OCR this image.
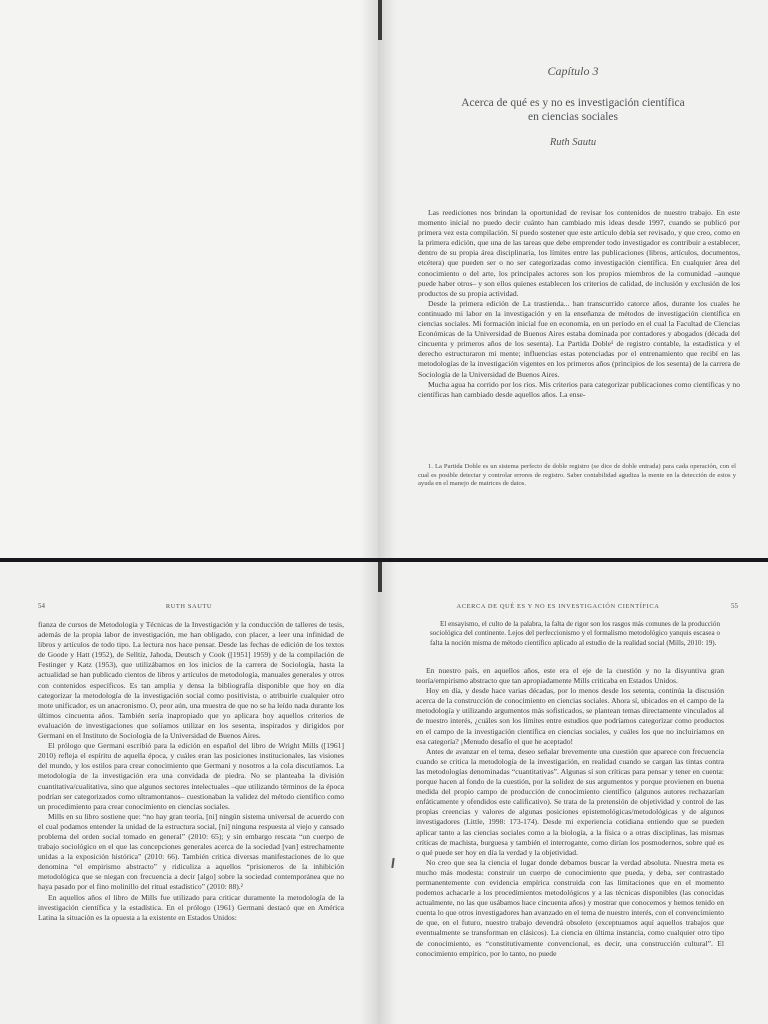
Capítulo 3
Acerca de qué es y no es investigación científica
en ciencias sociales
Ruth Sautu

Las reediciones nos brindan la oportunidad de revisar los contenidos de nuestro trabajo. En este momento inicial no puedo decir cuánto han cambiado mis ideas desde 1997, cuando se publicó por primera vez esta compilación. Sí puedo sostener que este artículo debía ser revisado, y que creo, como en la primera edición, que una de las tareas que debe emprender todo investigador es contribuir a establecer, dentro de su propia área disciplinaria, los límites entre las publicaciones (libros, artículos, documentos, etcétera) que pueden ser o no ser categorizadas como investigación científica. En cualquier área del conocimiento o del arte, los principales actores son los propios miembros de la comunidad –aunque puede haber otros– y son ellos quienes establecen los criterios de calidad, de inclusión y exclusión de los productos de su propia actividad.

Desde la primera edición de La trastienda... han transcurrido catorce años, durante los cuales he continuado mi labor en la investigación y en la enseñanza de métodos de investigación científica en ciencias sociales. Mi formación inicial fue en economía, en un período en el cual la Facultad de Ciencias Económicas de la Universidad de Buenos Aires estaba dominada por contadores y abogados (década del cincuenta y primeros años de los sesenta). La Partida Doble¹ de registro contable, la estadística y el derecho estructuraron mi mente; influencias estas potenciadas por el entrenamiento que recibí en las metodologías de la investigación vigentes en los primeros años (principios de los sesenta) de la carrera de Sociología de la Universidad de Buenos Aires.

Mucha agua ha corrido por los ríos. Mis criterios para categorizar publicaciones como científicas y no científicas han cambiado desde aquellos años. La ense-

1. La Partida Doble es un sistema perfecto de doble registro (se dice de doble entrada) para cada operación, con el cual es posible detectar y controlar errores de registro. Saber contabilidad agudiza la mente en la detección de estos y ayuda en el manejo de matrices de datos.

54	RUTH SAUTU

fianza de cursos de Metodología y Técnicas de la Investigación y la conducción de talleres de tesis, además de la propia labor de investigación, me han obligado, con placer, a leer una infinidad de libros y artículos de todo tipo. La lectura nos hace pensar. Desde las fechas de edición de los textos de Goode y Hatt (1952), de Selltiz, Jahoda, Deutsch y Cook ([1951] 1959) y de la compilación de Festinger y Katz (1953), que utilizábamos en los inicios de la carrera de Sociología, hasta la actualidad se han publicado cientos de libros y artículos de metodología, manuales generales y otros con contenidos específicos. Es tan amplia y densa la bibliografía disponible que hoy en día categorizar la metodología de la investigación social como positivista, o atribuirle cualquier otro mote unificador, es un anacronismo. O, peor aún, una muestra de que no se ha leído nada durante los últimos cincuenta años. También sería inapropiado que yo aplicara hoy aquellos criterios de evaluación de investigaciones que solíamos utilizar en los sesenta, inspirados y dirigidos por Germani en el Instituto de Sociología de la Universidad de Buenos Aires.

El prólogo que Germani escribió para la edición en español del libro de Wright Mills ([1961] 2010) refleja el espíritu de aquella época, y cuáles eran las posiciones institucionales, las visiones del mundo, y los estilos para crear conocimiento que Germani y nosotros a la cola discutíamos. La metodología de la investigación era una convidada de piedra. No se planteaba la división cuantitativa/cualitativa, sino que algunos sectores intelectuales –que utilizando términos de la época podrían ser categorizados como ultramontanos– cuestionaban la validez del método científico como un procedimiento para crear conocimiento en ciencias sociales.

Mills en su libro sostiene que: “no hay gran teoría, [ni] ningún sistema universal de acuerdo con el cual podamos entender la unidad de la estructura social, [ni] ninguna respuesta al viejo y cansado problema del orden social tomado en general” (2010: 65); y sin embargo rescata “un cuerpo de trabajo sociológico en el que las concepciones generales acerca de la sociedad [van] estrechamente unidas a la exposición histórica” (2010: 66). También critica diversas manifestaciones de lo que denomina “el empirismo abstracto” y ridiculiza a aquellos “prisioneros de la inhibición metodológica que se niegan con frecuencia a decir [algo] sobre la sociedad contemporánea que no haya pasado por el fino molinillo del ritual estadístico” (2010: 88).²

En aquellos años el libro de Mills fue utilizado para criticar duramente la metodología de la investigación científica y la estadística. En el prólogo (1961) Germani destacó que en América Latina la situación es la opuesta a la existente en Estados Unidos:

ACERCA DE QUÉ ES Y NO ES INVESTIGACIÓN CIENTÍFICA	55

El ensayismo, el culto de la palabra, la falta de rigor son los rasgos más comunes de la producción sociológica del continente. Lejos del perfeccionismo y el formalismo metodológico yanquis escasea o falta la noción misma de método científico aplicado al estudio de la realidad social (Mills, 2010: 19).

En nuestro país, en aquellos años, este era el eje de la cuestión y no la disyuntiva gran teoría/empirismo abstracto que tan apropiadamente Mills criticaba en Estados Unidos.

Hoy en día, y desde hace varias décadas, por lo menos desde los setenta, continúa la discusión acerca de la construcción de conocimiento en ciencias sociales. Ahora sí, ubicados en el campo de la metodología y utilizando argumentos más sofisticados, se plantean temas directamente vinculados al de nuestro interés, ¿cuáles son los límites entre estudios que podríamos categorizar como productos en el campo de la investigación científica en ciencias sociales, y cuáles los que no incluiríamos en esa categoría? ¡Menudo desafío el que he aceptado!

Antes de avanzar en el tema, deseo señalar brevemente una cuestión que aparece con frecuencia cuando se critica la metodología de la investigación, en realidad cuando se cargan las tintas contra las metodologías denominadas “cuantitativas”. Algunas sí son críticas para pensar y tener en cuenta: porque hacen al fondo de la cuestión, por la solidez de sus argumentos y porque provienen en buena medida del propio campo de producción de conocimiento científico (algunos autores rechazarían enfáticamente y ofendidos este calificativo). Se trata de la pretensión de objetividad y control de las propias creencias y valores de algunas posiciones epistemológicas/metodológicas y de algunos investigadores (Little, 1998: 173-174). Desde mi experiencia cotidiana entiendo que se pueden aplicar tanto a las ciencias sociales como a la biología, a la física o a otras disciplinas, las mismas críticas de machista, burguesa y también el interrogante, como dirían los posmodernos, sobre qué es o qué puede ser hoy en día la verdad y la objetividad.

No creo que sea la ciencia el lugar donde debamos buscar la verdad absoluta. Nuestra meta es mucho más modesta: construir un cuerpo de conocimiento que pueda, y deba, ser contrastado permanentemente con evidencia empírica construida con las limitaciones que en el momento podemos achacarle a los procedimientos metodológicos y a las técnicas disponibles (las conocidas actualmente, no las que usábamos hace cincuenta años) y mostrar que conocemos y hemos tenido en cuenta lo que otros investigadores han avanzado en el tema de nuestro interés, con el convencimiento de que, en el futuro, nuestro trabajo devendrá obsoleto (exceptuamos aquí aquellos trabajos que eventualmente se transforman en clásicos). La ciencia en última instancia, como cualquier otro tipo de conocimiento, es “constitutivamente convencional, es decir, una construcción cultural”. El conocimiento empírico, por lo tanto, no puede
